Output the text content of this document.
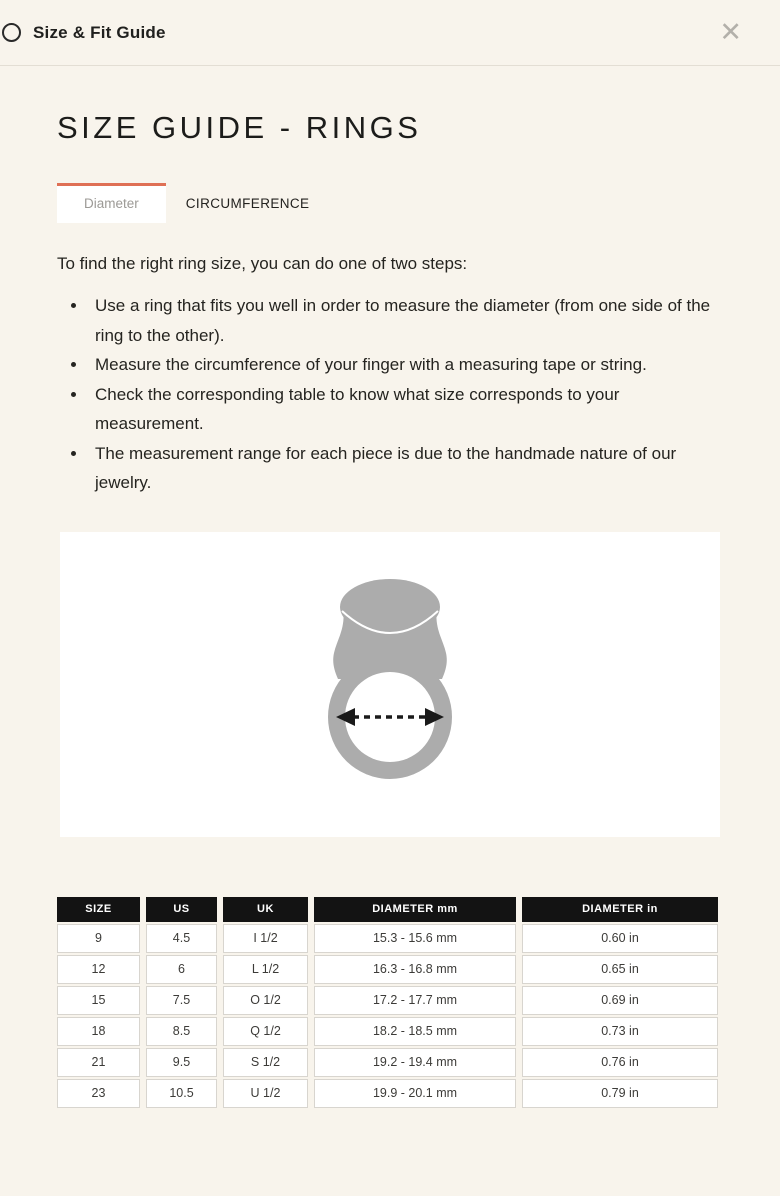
Size & Fit Guide	✕
SIZE GUIDE - RINGS
Diameter	CIRCUMFERENCE

To find the right ring size, you can do one of two steps:

• Use a ring that fits you well in order to measure the diameter (from one side of the ring to the other).
• Measure the circumference of your finger with a measuring tape or string.
• Check the corresponding table to know what size corresponds to your measurement.
• The measurement range for each piece is due to the handmade nature of our jewelry.
SIZE	US	UK	DIAMETER mm	DIAMETER in
9	4.5	I 1/2	15.3 - 15.6 mm	0.60 in
12	6	L 1/2	16.3 - 16.8 mm	0.65 in
15	7.5	O 1/2	17.2 - 17.7 mm	0.69 in
18	8.5	Q 1/2	18.2 - 18.5 mm	0.73 in
21	9.5	S 1/2	19.2 - 19.4 mm	0.76 in
23	10.5	U 1/2	19.9 - 20.1 mm	0.79 in
